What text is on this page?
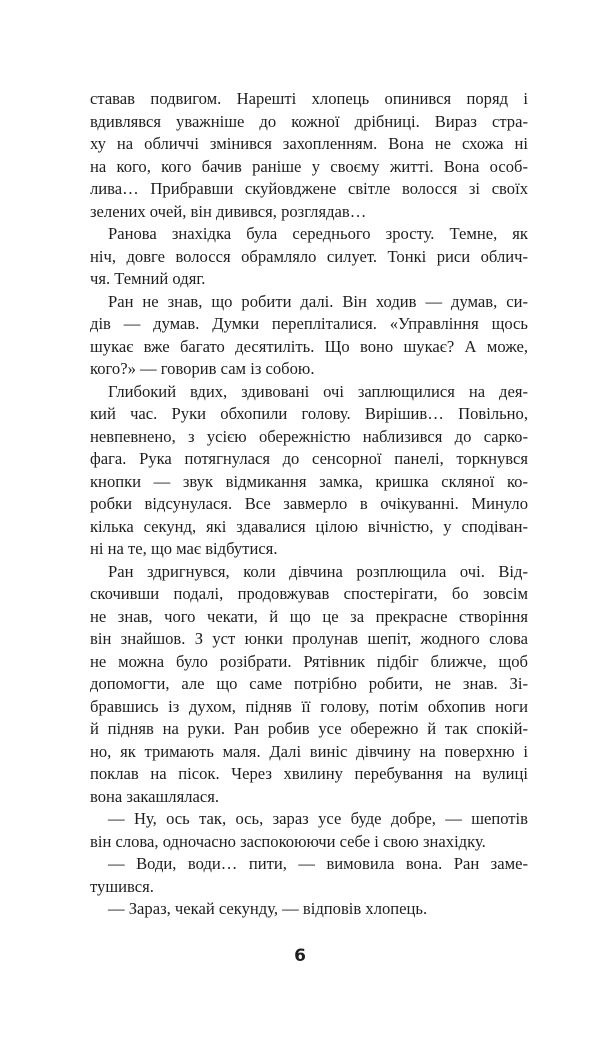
ставав подвигом. Нарешті хлопець опинився поряд і
вдивлявся уважніше до кожної дрібниці. Вираз стра-
ху на обличчі змінився захопленням. Вона не схожа ні
на кого, кого бачив раніше у своєму житті. Вона особ-
лива… Прибравши скуйовджене світле волосся зі своїх
зелених очей, він дивився, розглядав…
Ранова знахідка була середнього зросту. Темне, як
ніч, довге волосся обрамляло силует. Тонкі риси облич-
чя. Темний одяг.
Ран не знав, що робити далі. Він ходив — думав, си-
дів — думав. Думки перепліталися. «Управління щось
шукає вже багато десятиліть. Що воно шукає? А може,
кого?» — говорив сам із собою.
Глибокий вдих, здивовані очі заплющилися на дея-
кий час. Руки обхопили голову. Вирішив… Повільно,
невпевнено, з усією обережністю наблизився до сарко-
фага. Рука потягнулася до сенсорної панелі, торкнувся
кнопки — звук відмикання замка, кришка скляної ко-
робки відсунулася. Все завмерло в очікуванні. Минуло
кілька секунд, які здавалися цілою вічністю, у сподіван-
ні на те, що має відбутися.
Ран здригнувся, коли дівчина розплющила очі. Від-
скочивши подалі, продовжував спостерігати, бо зовсім
не знав, чого чекати, й що це за прекрасне створіння
він знайшов. З уст юнки пролунав шепіт, жодного слова
не можна було розібрати. Рятівник підбіг ближче, щоб
допомогти, але що саме потрібно робити, не знав. Зі-
бравшись із духом, підняв її голову, потім обхопив ноги
й підняв на руки. Ран робив усе обережно й так спокій-
но, як тримають маля. Далі виніс дівчину на поверхню і
поклав на пісок. Через хвилину перебування на вулиці
вона закашлялася.
— Ну, ось так, ось, зараз усе буде добре, — шепотів
він слова, одночасно заспокоюючи себе і свою знахідку.
— Води, води… пити, — вимовила вона. Ран заме-
тушився.
— Зараз, чекай секунду, — відповів хлопець.
6
